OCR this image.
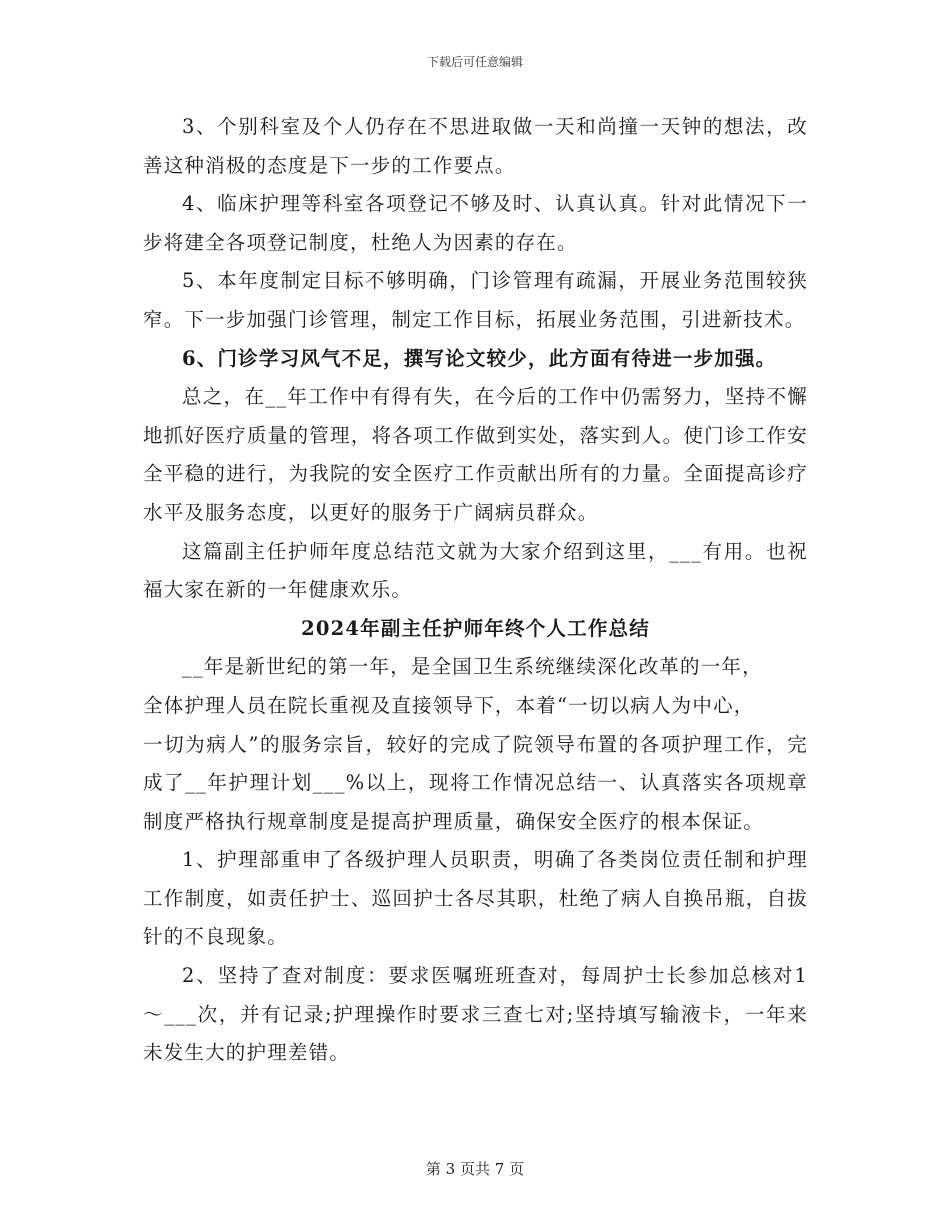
下载后可任意编辑

3、个别科室及个人仍存在不思进取做一天和尚撞一天钟的想法，改善这种消极的态度是下一步的工作要点。

4、临床护理等科室各项登记不够及时、认真认真。针对此情况下一步将建全各项登记制度，杜绝人为因素的存在。

5、本年度制定目标不够明确，门诊管理有疏漏，开展业务范围较狭窄。下一步加强门诊管理，制定工作目标，拓展业务范围，引进新技术。

6、门诊学习风气不足，撰写论文较少，此方面有待进一步加强。

总之，在__年工作中有得有失，在今后的工作中仍需努力，坚持不懈地抓好医疗质量的管理，将各项工作做到实处，落实到人。使门诊工作安全平稳的进行，为我院的安全医疗工作贡献出所有的力量。全面提高诊疗水平及服务态度，以更好的服务于广阔病员群众。

这篇副主任护师年度总结范文就为大家介绍到这里，___有用。也祝福大家在新的一年健康欢乐。

2024年副主任护师年终个人工作总结

__年是新世纪的第一年，是全国卫生系统继续深化改革的一年，

全体护理人员在院长重视及直接领导下，本着“一切以病人为中心，

一切为病人”的服务宗旨，较好的完成了院领导布置的各项护理工作，完成了__年护理计划___%以上，现将工作情况总结一、认真落实各项规章制度严格执行规章制度是提高护理质量，确保安全医疗的根本保证。

1、护理部重申了各级护理人员职责，明确了各类岗位责任制和护理工作制度，如责任护士、巡回护士各尽其职，杜绝了病人自换吊瓶，自拔针的不良现象。

2、坚持了查对制度：要求医嘱班班查对，每周护士长参加总核对1～___次，并有记录;护理操作时要求三查七对;坚持填写输液卡，一年来未发生大的护理差错。

第 3 页共 7 页
